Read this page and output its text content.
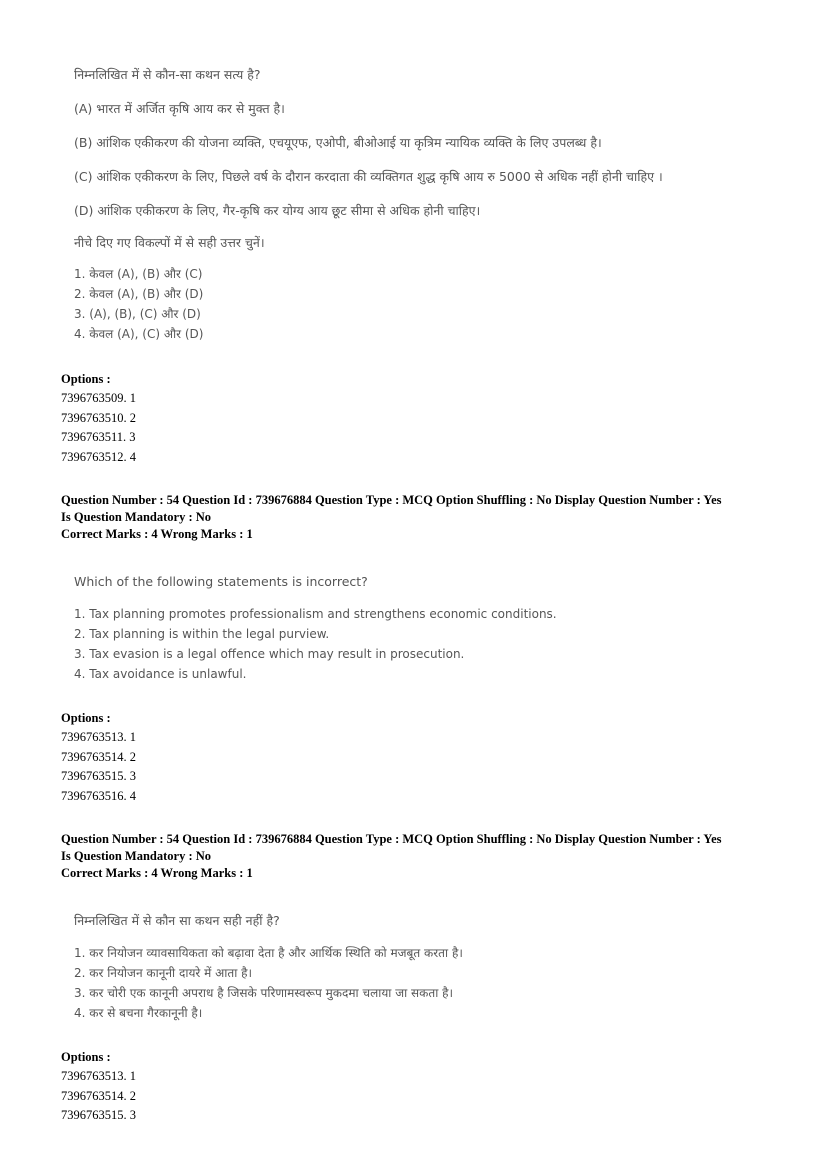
निम्नलिखित में से कौन-सा कथन सत्य है?

(A) भारत में अर्जित कृषि आय कर से मुक्त है।
(B) आंशिक एकीकरण की योजना व्यक्ति, एचयूएफ, एओपी, बीओआई या कृत्रिम न्यायिक व्यक्ति के लिए उपलब्ध है।
(C) आंशिक एकीकरण के लिए, पिछले वर्ष के दौरान करदाता की व्यक्तिगत शुद्ध कृषि आय रु 5000 से अधिक नहीं होनी चाहिए ।
(D) आंशिक एकीकरण के लिए, गैर-कृषि कर योग्य आय छूट सीमा से अधिक होनी चाहिए।
नीचे दिए गए विकल्पों में से सही उत्तर चुनें।
1. केवल (A), (B) और (C)
2. केवल (A), (B) और (D)
3. (A), (B), (C) और (D)
4. केवल (A), (C) और (D)
Options :
7396763509. 1
7396763510. 2
7396763511. 3
7396763512. 4
Question Number : 54 Question Id : 739676884 Question Type : MCQ Option Shuffling : No Display Question Number : Yes
Is Question Mandatory : No
Correct Marks : 4 Wrong Marks : 1

Which of the following statements is incorrect?

1. Tax planning promotes professionalism and strengthens economic conditions.
2. Tax planning is within the legal purview.
3. Tax evasion is a legal offence which may result in prosecution.
4. Tax avoidance is unlawful.
Options :
7396763513. 1
7396763514. 2
7396763515. 3
7396763516. 4
Question Number : 54 Question Id : 739676884 Question Type : MCQ Option Shuffling : No Display Question Number : Yes
Is Question Mandatory : No
Correct Marks : 4 Wrong Marks : 1

निम्नलिखित में से कौन सा कथन सही नहीं है?

1. कर नियोजन व्यावसायिकता को बढ़ावा देता है और आर्थिक स्थिति को मजबूत करता है।
2. कर नियोजन कानूनी दायरे में आता है।
3. कर चोरी एक कानूनी अपराध है जिसके परिणामस्वरूप मुकदमा चलाया जा सकता है।
4. कर से बचना गैरकानूनी है।
Options :
7396763513. 1
7396763514. 2
7396763515. 3
